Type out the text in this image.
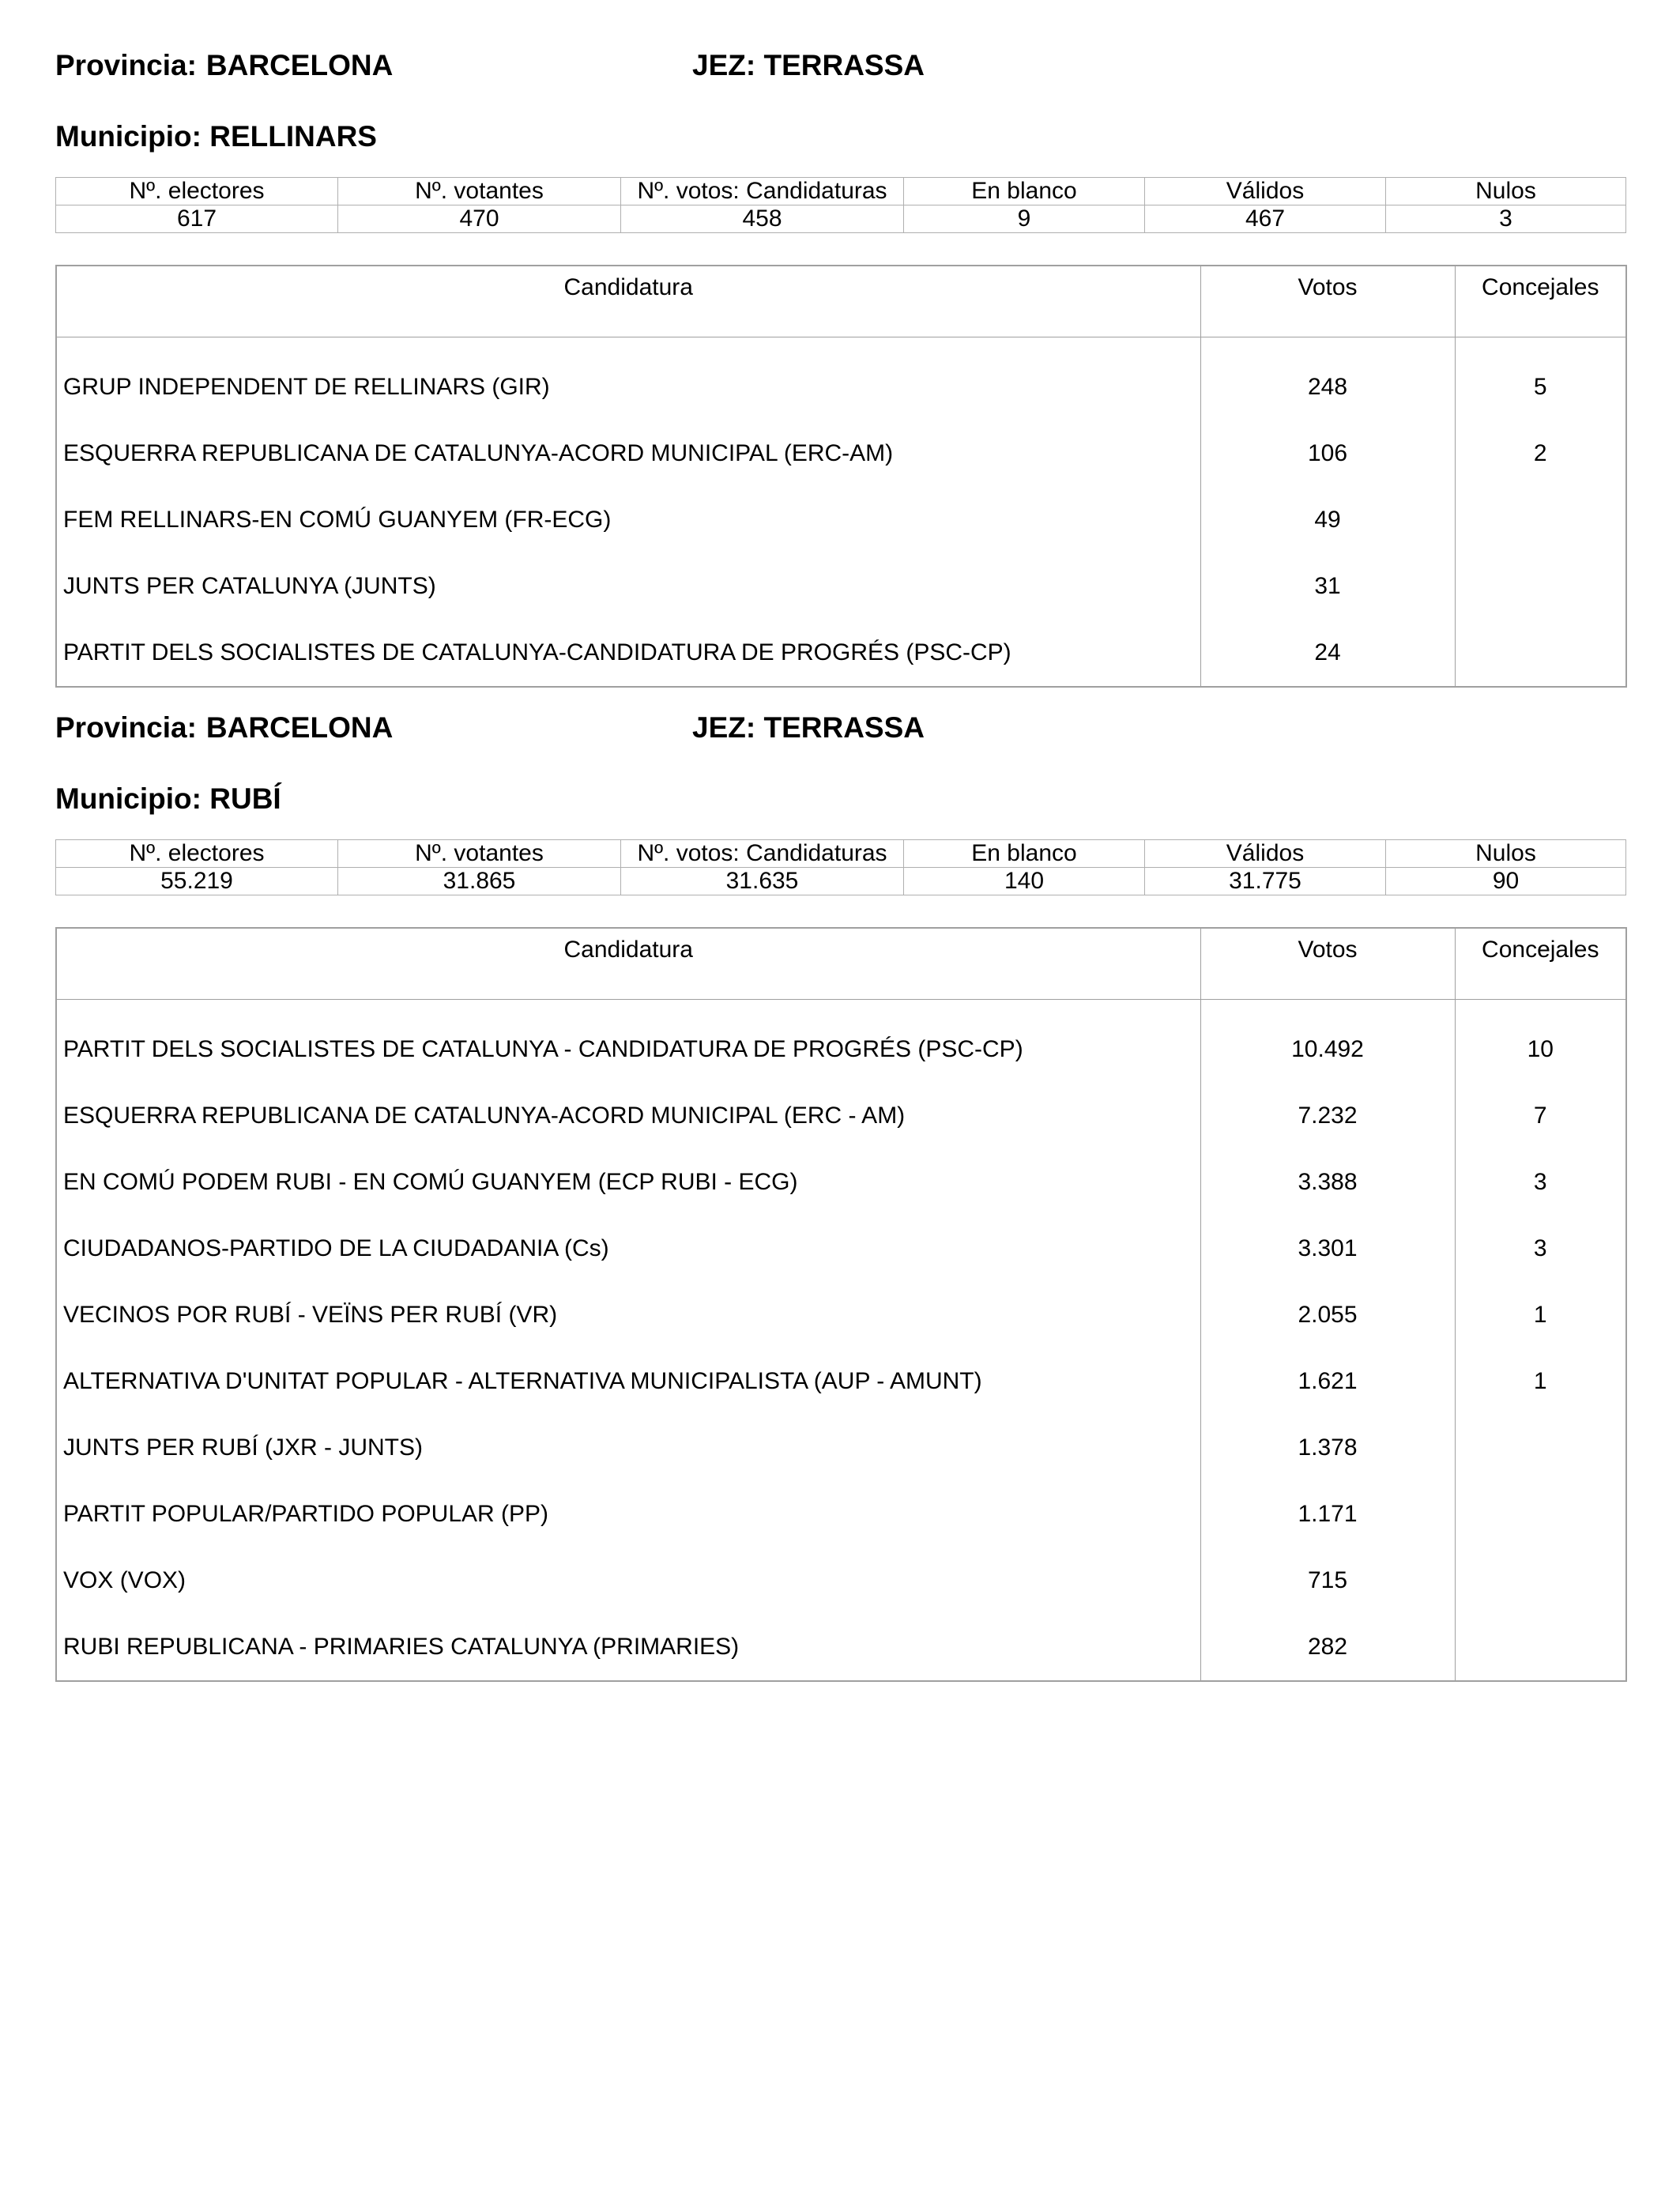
Provincia: BARCELONA	JEZ: TERRASSA
Municipio: RELLINARS
Nº. electores	Nº. votantes	Nº. votos: Candidaturas	En blanco	Válidos	Nulos
617	470	458	9	467	3
Candidatura	Votos	Concejales
GRUP INDEPENDENT DE RELLINARS (GIR)	248	5
ESQUERRA REPUBLICANA DE CATALUNYA-ACORD MUNICIPAL (ERC-AM)	106	2
FEM RELLINARS-EN COMÚ GUANYEM (FR-ECG)	49	
JUNTS PER CATALUNYA (JUNTS)	31	
PARTIT DELS SOCIALISTES DE CATALUNYA-CANDIDATURA DE PROGRÉS (PSC-CP)	24	
Provincia: BARCELONA	JEZ: TERRASSA
Municipio: RUBÍ
Nº. electores	Nº. votantes	Nº. votos: Candidaturas	En blanco	Válidos	Nulos
55.219	31.865	31.635	140	31.775	90
Candidatura	Votos	Concejales
PARTIT DELS SOCIALISTES DE CATALUNYA - CANDIDATURA DE PROGRÉS (PSC-CP)	10.492	10
ESQUERRA REPUBLICANA DE CATALUNYA-ACORD MUNICIPAL (ERC - AM)	7.232	7
EN COMÚ PODEM RUBI - EN COMÚ GUANYEM (ECP RUBI - ECG)	3.388	3
CIUDADANOS-PARTIDO DE LA CIUDADANIA (Cs)	3.301	3
VECINOS POR RUBÍ - VEÏNS PER RUBÍ (VR)	2.055	1
ALTERNATIVA D'UNITAT POPULAR - ALTERNATIVA MUNICIPALISTA (AUP - AMUNT)	1.621	1
JUNTS PER RUBÍ (JXR - JUNTS)	1.378	
PARTIT POPULAR/PARTIDO POPULAR (PP)	1.171	
VOX (VOX)	715	
RUBI REPUBLICANA - PRIMARIES CATALUNYA (PRIMARIES)	282	
